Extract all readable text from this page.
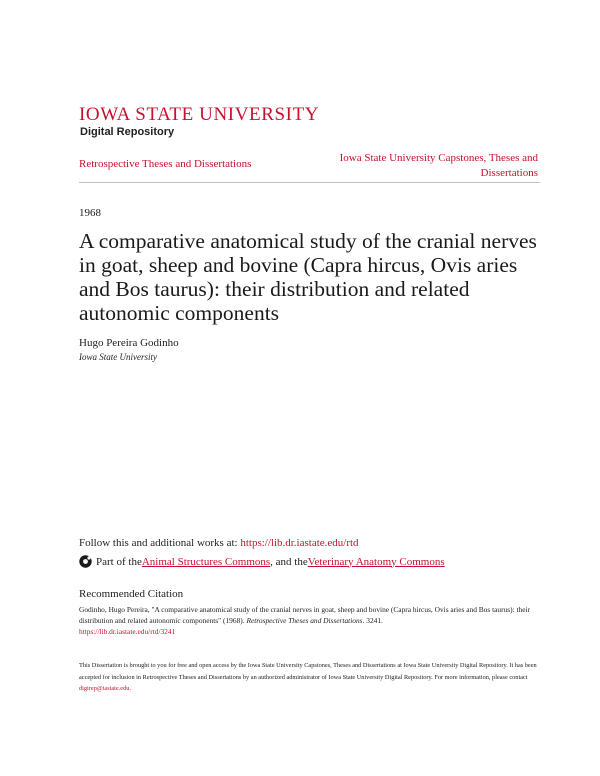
IOWA STATE UNIVERSITY
Digital Repository
Retrospective Theses and Dissertations	Iowa State University Capstones, Theses and
Dissertations
1968
A comparative anatomical study of the cranial nerves in goat, sheep and bovine (Capra hircus, Ovis aries and Bos taurus): their distribution and related autonomic components
Hugo Pereira Godinho
Iowa State University
Follow this and additional works at: https://lib.dr.iastate.edu/rtd
Part of the Animal Structures Commons , and the Veterinary Anatomy Commons
Recommended Citation
Godinho, Hugo Pereira, "A comparative anatomical study of the cranial nerves in goat, sheep and bovine (Capra hircus, Ovis aries and Bos taurus): their distribution and related autonomic components" (1968). Retrospective Theses and Dissertations. 3241.
https://lib.dr.iastate.edu/rtd/3241
This Dissertation is brought to you for free and open access by the Iowa State University Capstones, Theses and Dissertations at Iowa State University Digital Repository. It has been accepted for inclusion in Retrospective Theses and Dissertations by an authorized administrator of Iowa State University Digital Repository. For more information, please contact digirep@iastate.edu.
